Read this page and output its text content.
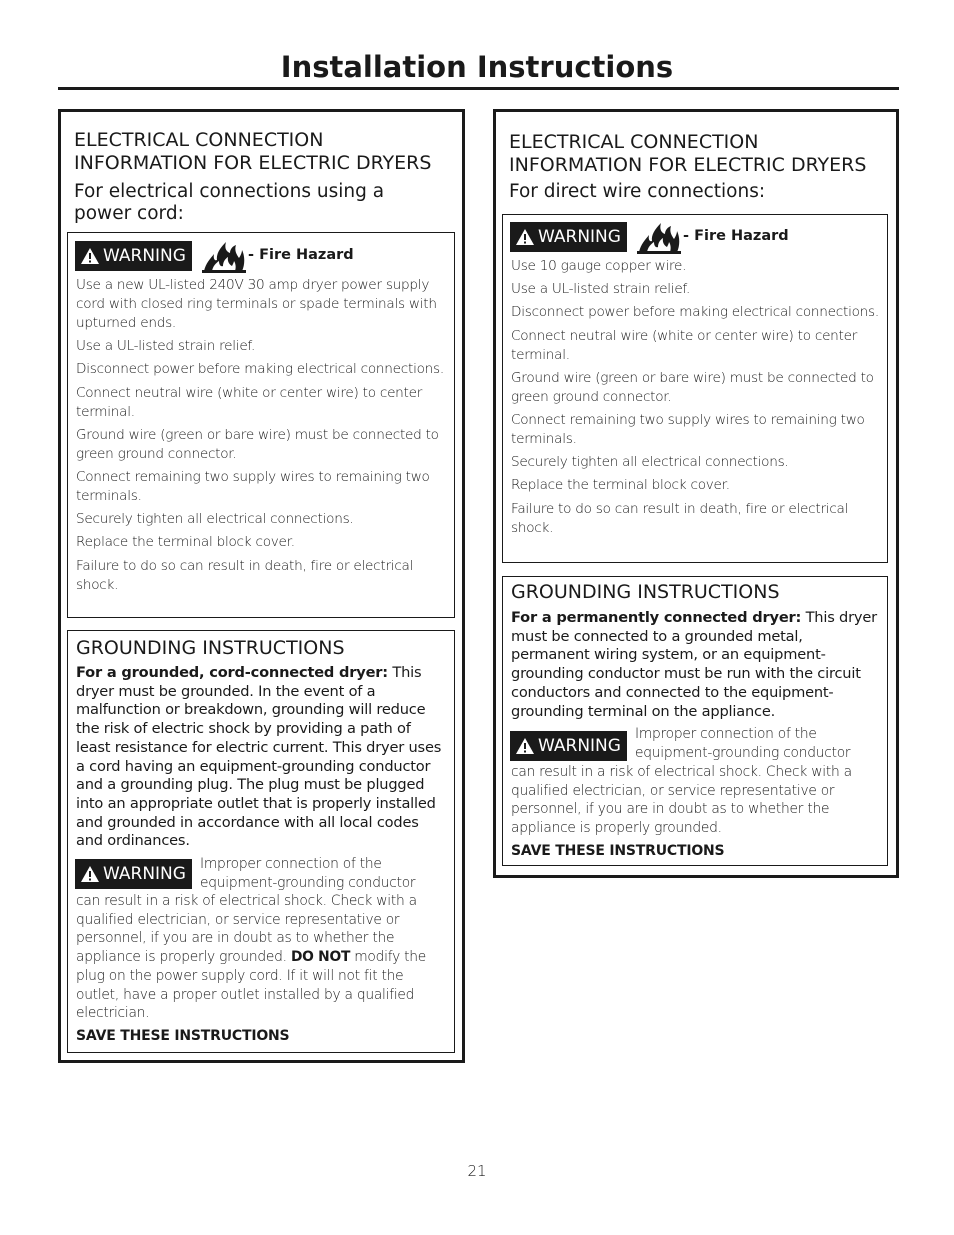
Installation Instructions
ELECTRICAL CONNECTION
INFORMATION FOR ELECTRIC DRYERS
For electrical connections using a
power cord:
WARNING	- Fire Hazard
Use a new UL-listed 240V 30 amp dryer power supply cord with closed ring terminals or spade terminals with upturned ends.
Use a UL-listed strain relief.
Disconnect power before making electrical connections.
Connect neutral wire (white or center wire) to center terminal.
Ground wire (green or bare wire) must be connected to green ground connector.
Connect remaining two supply wires to remaining two terminals.
Securely tighten all electrical connections.
Replace the terminal block cover.
Failure to do so can result in death, fire or electrical shock.
GROUNDING INSTRUCTIONS

For a grounded, cord-connected dryer: This dryer must be grounded. In the event of a malfunction or breakdown, grounding will reduce the risk of electric shock by providing a path of least resistance for electric current. This dryer uses a cord having an equipment-grounding conductor and a grounding plug. The plug must be plugged into an appropriate outlet that is properly installed and grounded in accordance with all local codes and ordinances.

WARNING Improper connection of the
equipment-grounding conductor

can result in a risk of electrical shock. Check with a qualified electrician, or service representative or personnel, if you are in doubt as to whether the appliance is properly grounded. DO NOT modify the plug on the power supply cord. If it will not fit the outlet, have a proper outlet installed by a qualified electrician.

SAVE THESE INSTRUCTIONS

ELECTRICAL CONNECTION
INFORMATION FOR ELECTRIC DRYERS
For direct wire connections:
WARNING	- Fire Hazard
Use 10 gauge copper wire.
Use a UL-listed strain relief.
Disconnect power before making electrical connections.
Connect neutral wire (white or center wire) to center terminal.
Ground wire (green or bare wire) must be connected to green ground connector.
Connect remaining two supply wires to remaining two terminals.
Securely tighten all electrical connections.
Replace the terminal block cover.
Failure to do so can result in death, fire or electrical shock.
GROUNDING INSTRUCTIONS

For a permanently connected dryer: This dryer must be connected to a grounded metal, permanent wiring system, or an equipment-grounding conductor must be run with the circuit conductors and connected to the equipment-grounding terminal on the appliance.

WARNING

Improper connection of the
equipment-grounding conductor

can result in a risk of electrical shock. Check with a qualified electrician, or service representative or personnel, if you are in doubt as to whether the appliance is properly grounded.

SAVE THESE INSTRUCTIONS

21
